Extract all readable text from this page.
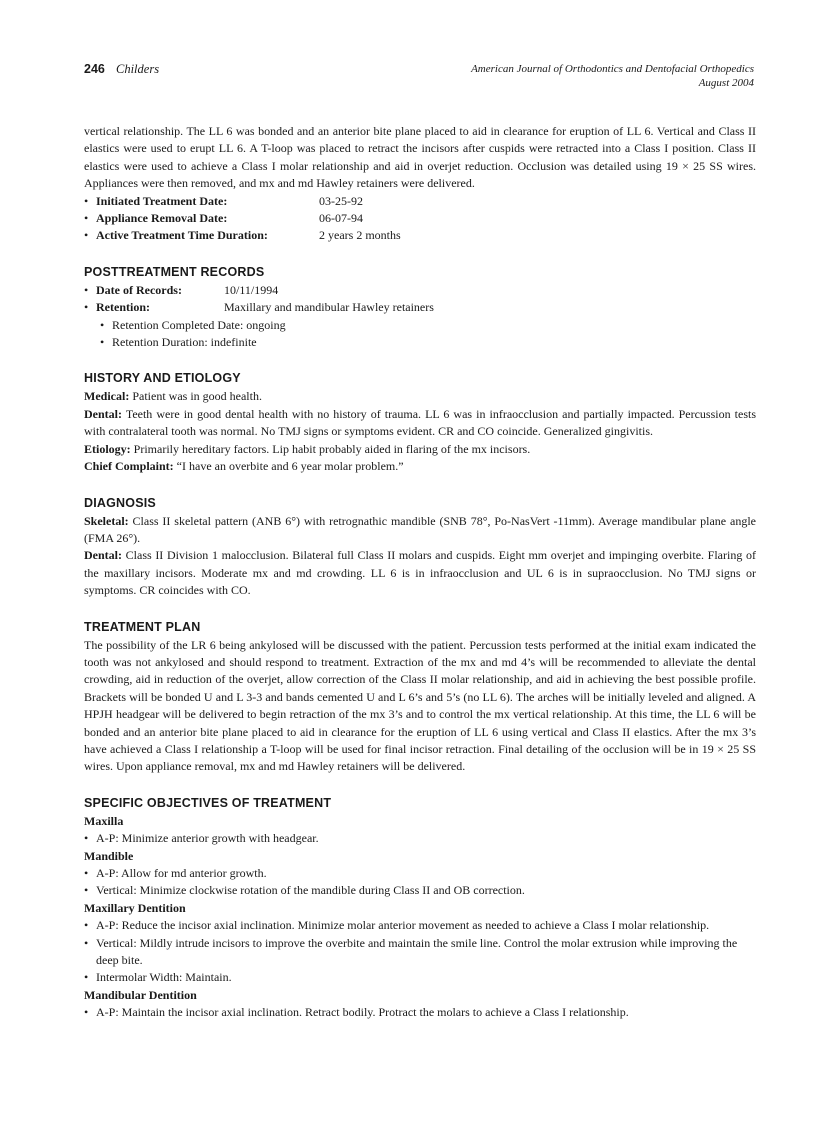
246 Childers	American Journal of Orthodontics and Dentofacial Orthopedics
August 2004

vertical relationship. The LL 6 was bonded and an anterior bite plane placed to aid in clearance for eruption of LL 6. Vertical and Class II elastics were used to erupt LL 6. A T-loop was placed to retract the incisors after cuspids were retracted into a Class I position. Class II elastics were used to achieve a Class I molar relationship and aid in overjet reduction. Occlusion was detailed using 19 × 25 SS wires. Appliances were then removed, and mx and md Hawley retainers were delivered.

• Initiated Treatment Date:	03-25-92
• Appliance Removal Date:	06-07-94
• Active Treatment Time Duration:	2 years 2 months
POSTTREATMENT RECORDS
• Date of Records:	10/11/1994
• Retention:	Maxillary and mandibular Hawley retainers
• Retention Completed Date: ongoing
• Retention Duration: indefinite
HISTORY AND ETIOLOGY

Medical: Patient was in good health.

Dental: Teeth were in good dental health with no history of trauma. LL 6 was in infraocclusion and partially impacted. Percussion tests with contralateral tooth was normal. No TMJ signs or symptoms evident. CR and CO coincide. Generalized gingivitis.

Etiology: Primarily hereditary factors. Lip habit probably aided in flaring of the mx incisors.

Chief Complaint: “I have an overbite and 6 year molar problem.”

DIAGNOSIS

Skeletal: Class II skeletal pattern (ANB 6°) with retrognathic mandible (SNB 78°, Po-NasVert -11mm). Average mandibular plane angle (FMA 26°).

Dental: Class II Division 1 malocclusion. Bilateral full Class II molars and cuspids. Eight mm overjet and impinging overbite. Flaring of the maxillary incisors. Moderate mx and md crowding. LL 6 is in infraocclusion and UL 6 is in supraocclusion. No TMJ signs or symptoms. CR coincides with CO.

TREATMENT PLAN

The possibility of the LR 6 being ankylosed will be discussed with the patient. Percussion tests performed at the initial exam indicated the tooth was not ankylosed and should respond to treatment. Extraction of the mx and md 4’s will be recommended to alleviate the dental crowding, aid in reduction of the overjet, allow correction of the Class II molar relationship, and aid in achieving the best possible profile. Brackets will be bonded U and L 3-3 and bands cemented U and L 6’s and 5’s (no LL 6). The arches will be initially leveled and aligned. A HPJH headgear will be delivered to begin retraction of the mx 3’s and to control the mx vertical relationship. At this time, the LL 6 will be bonded and an anterior bite plane placed to aid in clearance for the eruption of LL 6 using vertical and Class II elastics. After the mx 3’s have achieved a Class I relationship a T-loop will be used for final incisor retraction. Final detailing of the occlusion will be in 19 × 25 SS wires. Upon appliance removal, mx and md Hawley retainers will be delivered.

SPECIFIC OBJECTIVES OF TREATMENT
Maxilla
• A-P: Minimize anterior growth with headgear.
Mandible
• A-P: Allow for md anterior growth.
• Vertical: Minimize clockwise rotation of the mandible during Class II and OB correction.
Maxillary Dentition
• A-P: Reduce the incisor axial inclination. Minimize molar anterior movement as needed to achieve a Class I molar relationship.
• Vertical: Mildly intrude incisors to improve the overbite and maintain the smile line. Control the molar extrusion while improving the deep bite.
• Intermolar Width: Maintain.
Mandibular Dentition
• A-P: Maintain the incisor axial inclination. Retract bodily. Protract the molars to achieve a Class I relationship.
